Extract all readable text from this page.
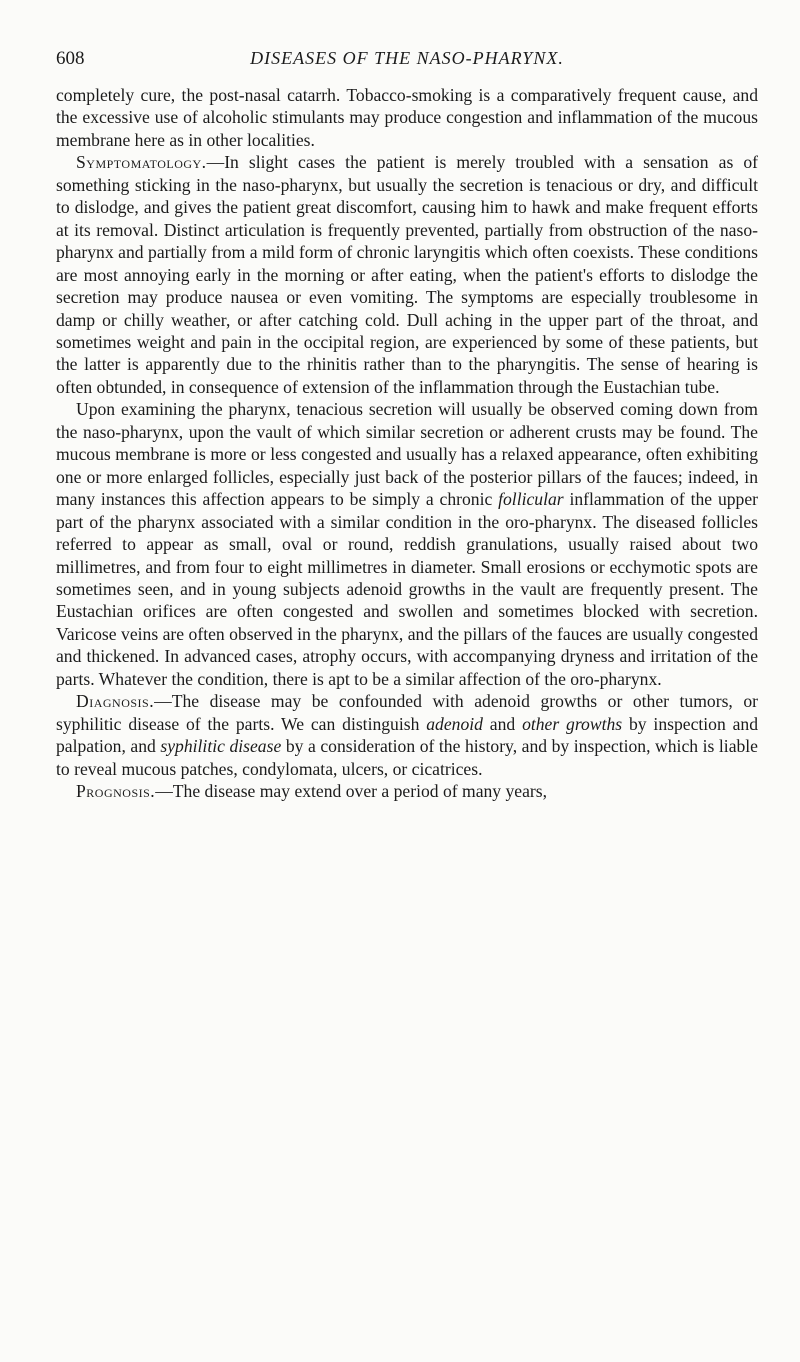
608	DISEASES OF THE NASO-PHARYNX.

completely cure, the post-nasal catarrh. Tobacco-smoking is a comparatively frequent cause, and the excessive use of alcoholic stimulants may produce congestion and inflammation of the mucous membrane here as in other localities.

Symptomatology.—In slight cases the patient is merely troubled with a sensation as of something sticking in the naso-pharynx, but usually the secretion is tenacious or dry, and difficult to dislodge, and gives the patient great discomfort, causing him to hawk and make frequent efforts at its removal. Distinct articulation is frequently prevented, partially from obstruction of the naso-pharynx and partially from a mild form of chronic laryngitis which often coexists. These conditions are most annoying early in the morning or after eating, when the patient's efforts to dislodge the secretion may produce nausea or even vomiting. The symptoms are especially troublesome in damp or chilly weather, or after catching cold. Dull aching in the upper part of the throat, and sometimes weight and pain in the occipital region, are experienced by some of these patients, but the latter is apparently due to the rhinitis rather than to the pharyngitis. The sense of hearing is often obtunded, in consequence of extension of the inflammation through the Eustachian tube.

Upon examining the pharynx, tenacious secretion will usually be observed coming down from the naso-pharynx, upon the vault of which similar secretion or adherent crusts may be found. The mucous membrane is more or less congested and usually has a relaxed appearance, often exhibiting one or more enlarged follicles, especially just back of the posterior pillars of the fauces; indeed, in many instances this affection appears to be simply a chronic follicular inflammation of the upper part of the pharynx associated with a similar condition in the oro-pharynx. The diseased follicles referred to appear as small, oval or round, reddish granulations, usually raised about two millimetres, and from four to eight millimetres in diameter. Small erosions or ecchymotic spots are sometimes seen, and in young subjects adenoid growths in the vault are frequently present. The Eustachian orifices are often congested and swollen and sometimes blocked with secretion. Varicose veins are often observed in the pharynx, and the pillars of the fauces are usually congested and thickened. In advanced cases, atrophy occurs, with accompanying dryness and irritation of the parts. Whatever the condition, there is apt to be a similar affection of the oro-pharynx.

Diagnosis.—The disease may be confounded with adenoid growths or other tumors, or syphilitic disease of the parts. We can distinguish adenoid and other growths by inspection and palpation, and syphilitic disease by a consideration of the history, and by inspection, which is liable to reveal mucous patches, condylomata, ulcers, or cicatrices.

Prognosis.—The disease may extend over a period of many years,
